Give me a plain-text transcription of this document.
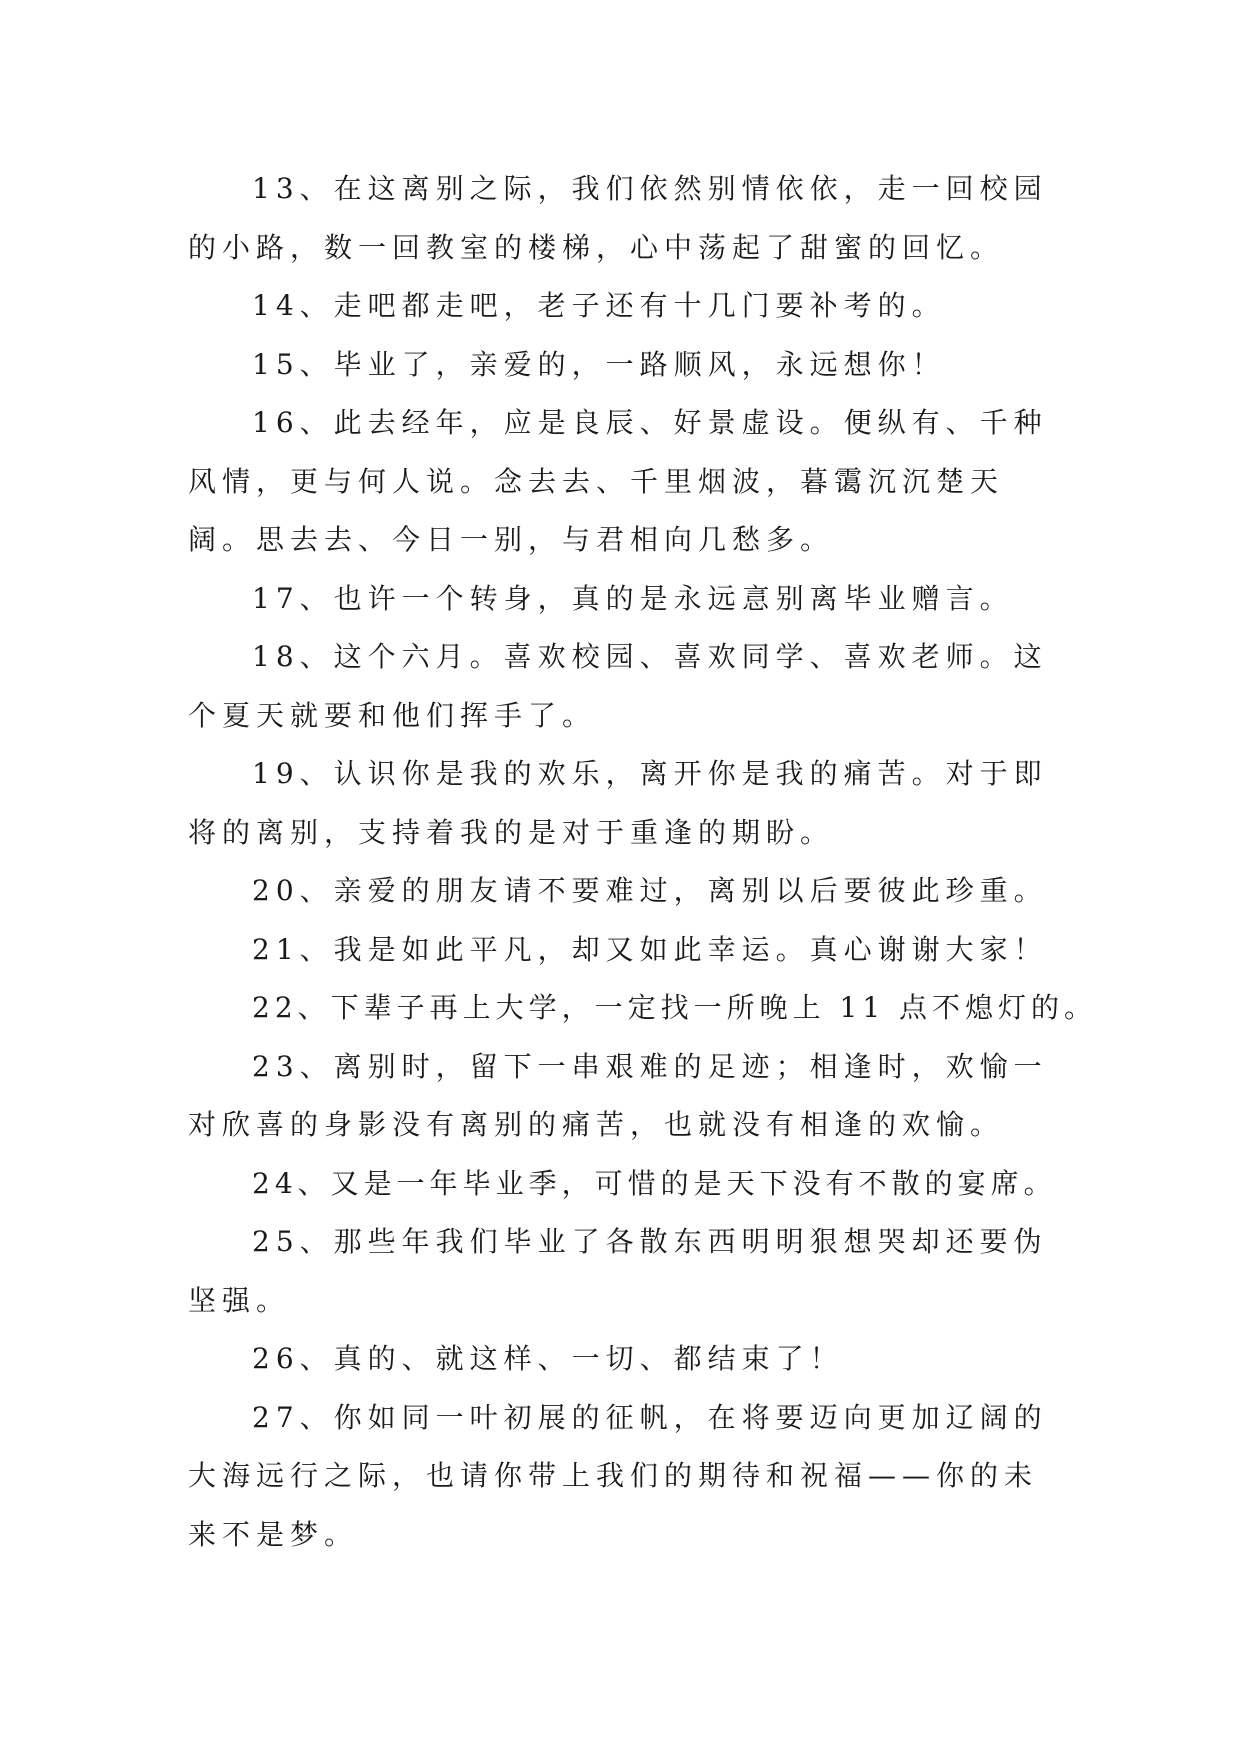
13、在这离别之际，我们依然别情依依，走一回校园的小路，数一回教室的楼梯，心中荡起了甜蜜的回忆。

14、走吧都走吧，老子还有十几门要补考的。

15、毕业了，亲爱的，一路顺风，永远想你！

16、此去经年，应是良辰、好景虚设。便纵有、千种风情，更与何人说。念去去、千里烟波，暮霭沉沉楚天阔。思去去、今日一别，与君相向几愁多。

17、也许一个转身，真的是永远悥别离毕业赠言。

18、这个六月。喜欢校园、喜欢同学、喜欢老师。这个夏天就要和他们挥手了。

19、认识你是我的欢乐，离开你是我的痛苦。对于即将的离别，支持着我的是对于重逢的期盼。

20、亲爱的朋友请不要难过，离别以后要彼此珍重。

21、我是如此平凡，却又如此幸运。真心谢谢大家！

22、下辈子再上大学，一定找一所晚上 11 点不熄灯的。

23、离别时，留下一串艰难的足迹；相逢时，欢愉一对欣喜的身影没有离别的痛苦，也就没有相逢的欢愉。

24、又是一年毕业季，可惜的是天下没有不散的宴席。

25、那些年我们毕业了各散东西明明狠想哭却还要伪坚强。

26、真的、就这样、一切、都结束了！

27、你如同一叶初展的征帆，在将要迈向更加辽阔的大海远行之际，也请你带上我们的期待和祝福——你的未来不是梦。
